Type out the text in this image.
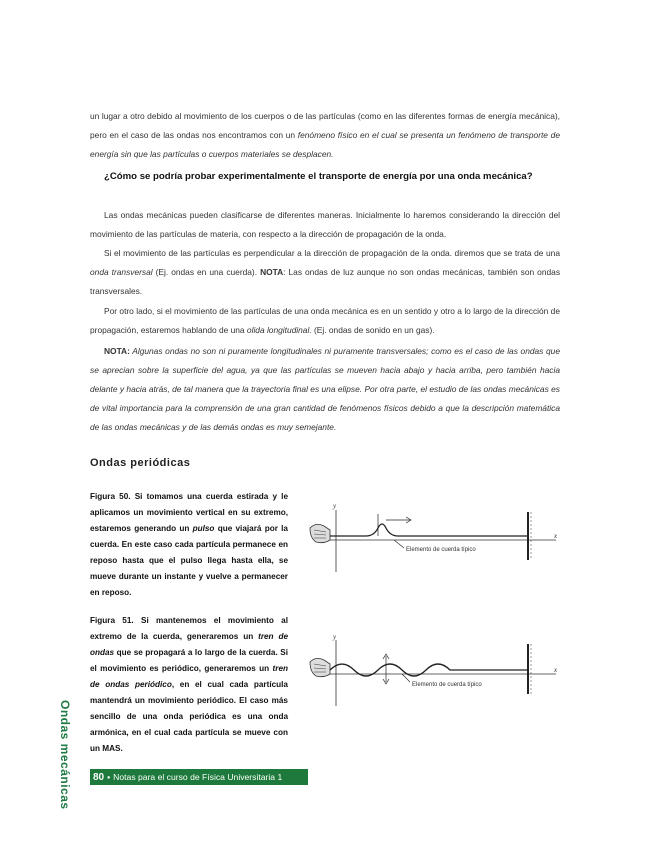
un lugar a otro debido al movimiento de los cuerpos o de las partículas (como en las diferentes formas de energía mecánica), pero en el caso de las ondas nos encontramos con un fenómeno físico en el cual se presenta un fenómeno de transporte de energía sin que las partículas o cuerpos materiales se desplacen.
¿Cómo se podría probar experimentalmente el transporte de energía por una onda mecánica?
Las ondas mecánicas pueden clasificarse de diferentes maneras. Inicialmente lo haremos considerando la dirección del movimiento de las partículas de materia, con respecto a la dirección de propagación de la onda.
Si el movimiento de las partículas es perpendicular a la dirección de propagación de la onda. diremos que se trata de una onda transversal (Ej. ondas en una cuerda). NOTA: Las ondas de luz aunque no son ondas mecánicas, también son ondas transversales.
Por otro lado, si el movimiento de las partículas de una onda mecánica es en un sentido y otro a lo largo de la dirección de propagación, estaremos hablando de una olida longitudinal. (Ej. ondas de sonido en un gas).
NOTA: Algunas ondas no son ni puramente longitudinales ni puramente transversales; como es el caso de las ondas que se aprecian sobre la superficie del agua, ya que las partículas se mueven hacia abajo y hacia arriba, pero también hacia delante y hacia atrás, de tal manera que la trayectoria final es una elipse. Por otra parte, el estudio de las ondas mecánicas es de vital importancia para la comprensión de una gran cantidad de fenómenos físicos debido a que la descripción matemática de las ondas mecánicas y de las demás ondas es muy semejante.
Ondas periódicas
Figura 50. Si tomamos una cuerda estirada y le aplicamos un movimiento vertical en su extremo, estaremos generando un pulso que viajará por la cuerda. En este caso cada partícula permanece en reposo hasta que el pulso llega hasta ella, se mueve durante un instante y vuelve a permanecer en reposo.
y
x
Elemento de cuerda típico
Figura 51. Si mantenemos el movimiento al extremo de la cuerda, generaremos un tren de ondas que se propagará a lo largo de la cuerda. Si el movimiento es periódico, generaremos un tren de ondas periódico, en el cual cada partícula mantendrá un movimiento periódico. El caso más sencillo de una onda periódica es una onda armónica, en el cual cada partícula se mueve con un MAS.
y
x
Elemento de cuerda típico
Ondas mecánicas	80 ▪ Notas para el curso de Física Universitaria 1
